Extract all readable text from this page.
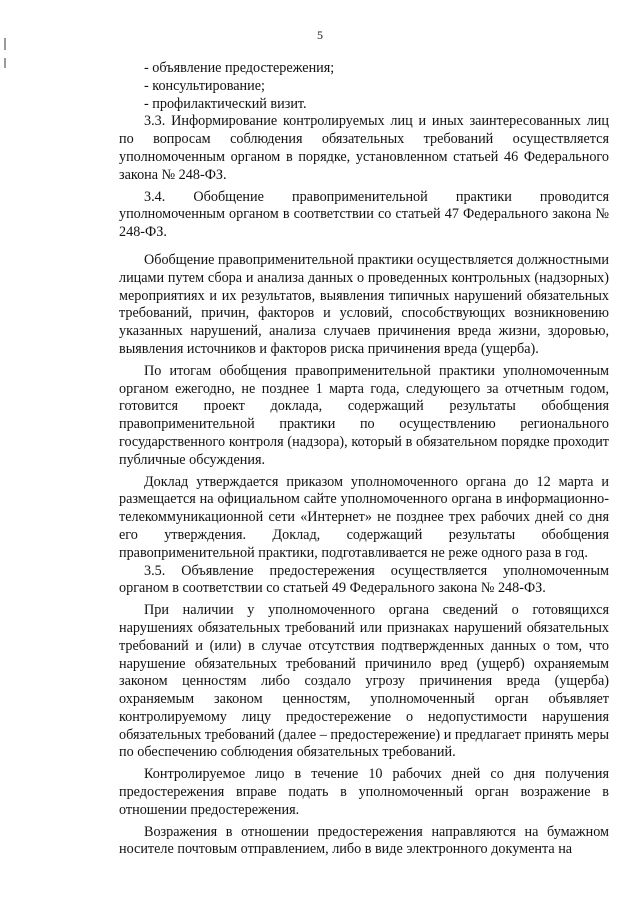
5
- объявление предостережения;
- консультирование;
- профилактический визит.

3.3. Информирование контролируемых лиц и иных заинтересованных лиц по вопросам соблюдения обязательных требований осуществляется уполномоченным органом в порядке, установленном статьей 46 Федерального закона № 248-ФЗ.

3.4. Обобщение правоприменительной практики проводится уполномоченным органом в соответствии со статьей 47 Федерального закона № 248-ФЗ.

Обобщение правоприменительной практики осуществляется должностными лицами путем сбора и анализа данных о проведенных контрольных (надзорных) мероприятиях и их результатов, выявления типичных нарушений обязательных требований, причин, факторов и условий, способствующих возникновению указанных нарушений, анализа случаев причинения вреда жизни, здоровью, выявления источников и факторов риска причинения вреда (ущерба).

По итогам обобщения правоприменительной практики уполномоченным органом ежегодно, не позднее 1 марта года, следующего за отчетным годом, готовится проект доклада, содержащий результаты обобщения правоприменительной практики по осуществлению регионального государственного контроля (надзора), который в обязательном порядке проходит публичные обсуждения.

Доклад утверждается приказом уполномоченного органа до 12 марта и размещается на официальном сайте уполномоченного органа в информационно-телекоммуникационной сети «Интернет» не позднее трех рабочих дней со дня его утверждения. Доклад, содержащий результаты обобщения правоприменительной практики, подготавливается не реже одного раза в год.

3.5. Объявление предостережения осуществляется уполномоченным органом в соответствии со статьей 49 Федерального закона № 248-ФЗ.

При наличии у уполномоченного органа сведений о готовящихся нарушениях обязательных требований или признаках нарушений обязательных требований и (или) в случае отсутствия подтвержденных данных о том, что нарушение обязательных требований причинило вред (ущерб) охраняемым законом ценностям либо создало угрозу причинения вреда (ущерба) охраняемым законом ценностям, уполномоченный орган объявляет контролируемому лицу предостережение о недопустимости нарушения обязательных требований (далее – предостережение) и предлагает принять меры по обеспечению соблюдения обязательных требований.

Контролируемое лицо в течение 10 рабочих дней со дня получения предостережения вправе подать в уполномоченный орган возражение в отношении предостережения.

Возражения в отношении предостережения направляются на бумажном носителе почтовым отправлением, либо в виде электронного документа на
